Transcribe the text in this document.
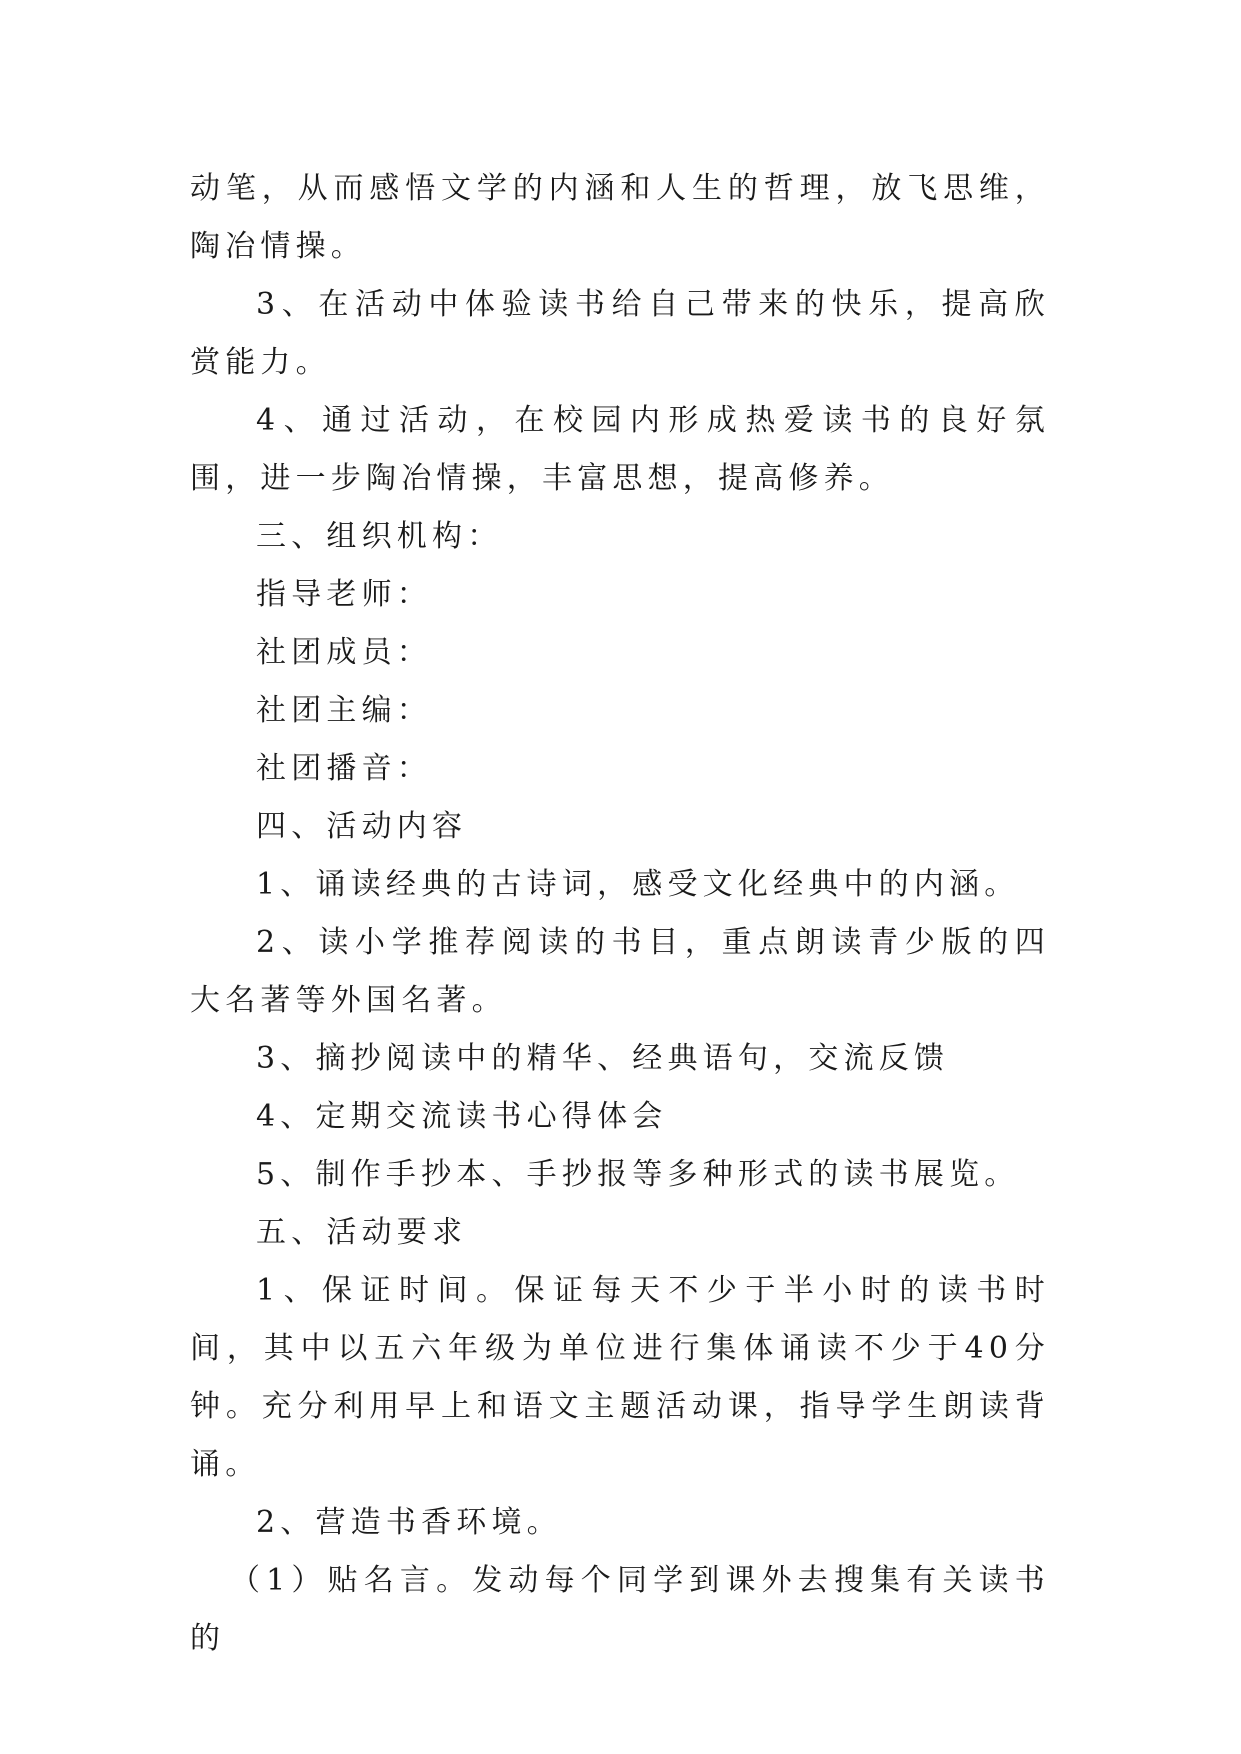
动笔，从而感悟文学的内涵和人生的哲理，放飞思维，陶冶情操。

3、在活动中体验读书给自己带来的快乐，提高欣赏能力。

4、通过活动，在校园内形成热爱读书的良好氛围，进一步陶冶情操，丰富思想，提高修养。

三、组织机构：

指导老师：

社团成员：

社团主编：

社团播音：

四、活动内容

1、诵读经典的古诗词，感受文化经典中的内涵。

2、读小学推荐阅读的书目，重点朗读青少版的四大名著等外国名著。

3、摘抄阅读中的精华、经典语句，交流反馈

4、定期交流读书心得体会

5、制作手抄本、手抄报等多种形式的读书展览。

五、活动要求

1、保证时间。保证每天不少于半小时的读书时间，其中以五六年级为单位进行集体诵读不少于40分钟。充分利用早上和语文主题活动课，指导学生朗读背诵。

2、营造书香环境。

（1）贴名言。发动每个同学到课外去搜集有关读书的
